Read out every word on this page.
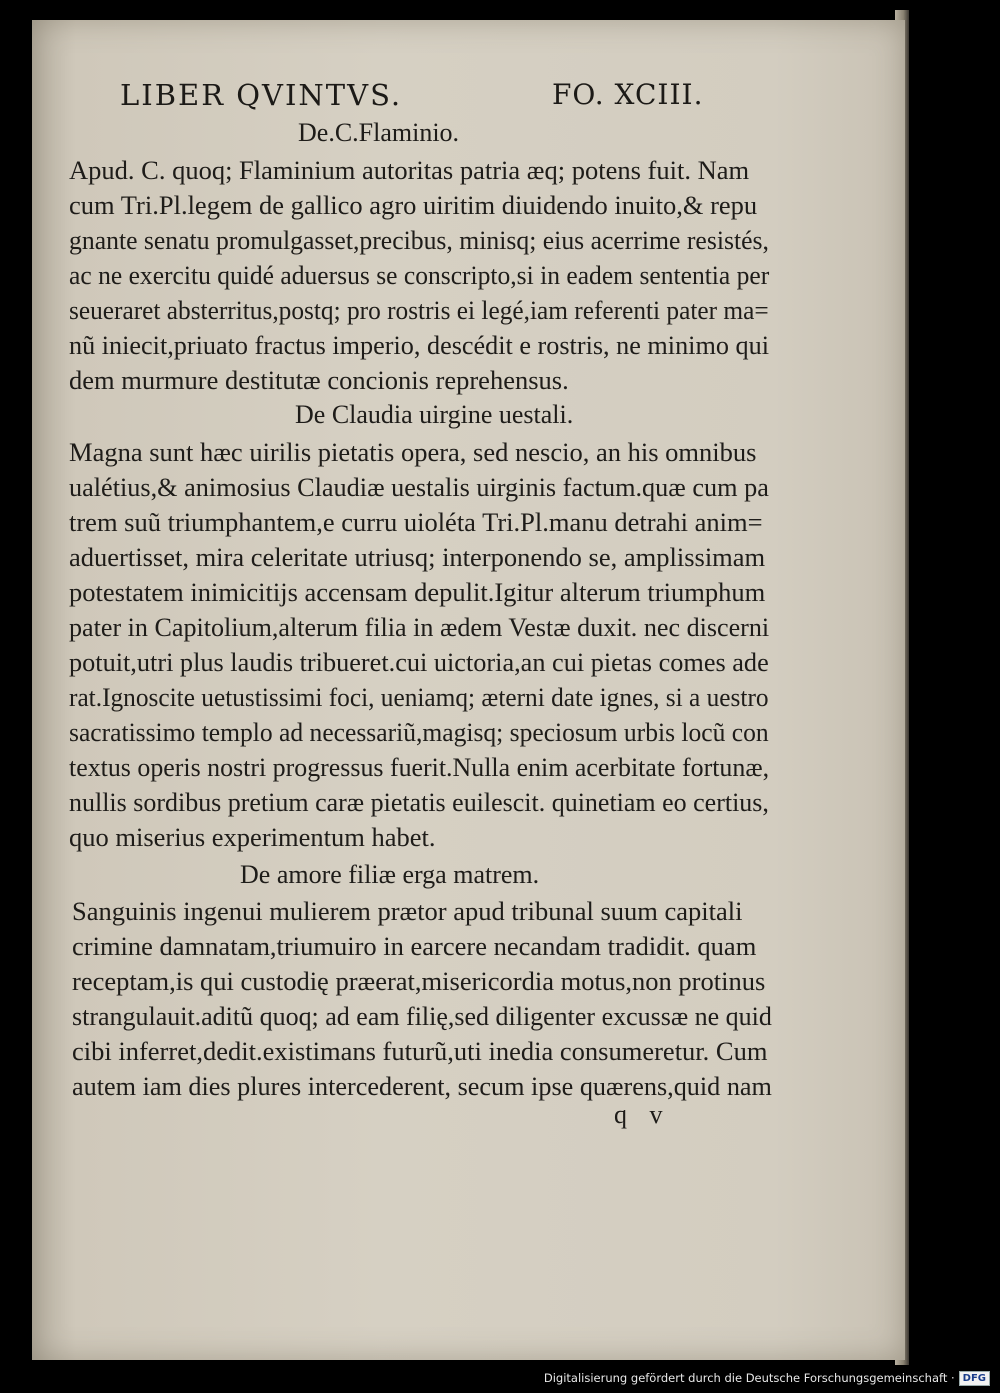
LIBER QVINTVS.	FO. XCIII.
De.C.Flaminio.
Apud. C. quoq; Flaminium autoritas patria æq; potens fuit. Nam
cum Tri.Pl.legem de gallico agro uiritim diuidendo inuito,& repu
gnante senatu promulgasset,precibus, minisq; eius acerrime resistés,
ac ne exercitu quidé aduersus se conscripto,si in eadem sententia per
seueraret absterritus,postq; pro rostris ei legé,iam referenti pater ma=
nũ iniecit,priuato fractus imperio, descédit e rostris, ne minimo qui
dem murmure destitutæ concionis reprehensus.
De Claudia uirgine uestali.
Magna sunt hæc uirilis pietatis opera, sed nescio, an his omnibus
ualétius,& animosius Claudiæ uestalis uirginis factum.quæ cum pa
trem suũ triumphantem,e curru uioléta Tri.Pl.manu detrahi anim=
aduertisset, mira celeritate utriusq; interponendo se, amplissimam
potestatem inimicitijs accensam depulit.Igitur alterum triumphum
pater in Capitolium,alterum filia in ædem Vestæ duxit. nec discerni
potuit,utri plus laudis tribueret.cui uictoria,an cui pietas comes ade
rat.Ignoscite uetustissimi foci, ueniamq; æterni date ignes, si a uestro
sacratissimo templo ad necessariũ,magisq; speciosum urbis locũ con
textus operis nostri progressus fuerit.Nulla enim acerbitate fortunæ,
nullis sordibus pretium caræ pietatis euilescit. quinetiam eo certius,
quo miserius experimentum habet.
De amore filiæ erga matrem.
Sanguinis ingenui mulierem prætor apud tribunal suum capitali
crimine damnatam,triumuiro in earcere necandam tradidit. quam
receptam,is qui custodię præerat,misericordia motus,non protinus
strangulauit.aditũ quoq; ad eam filię,sed diligenter excussæ ne quid
cibi inferret,dedit.existimans futurũ,uti inedia consumeretur. Cum
autem iam dies plures intercederent, secum ipse quærens,quid nam
q v
Digitalisierung gefördert durch die Deutsche Forschungsgemeinschaft · DFG
